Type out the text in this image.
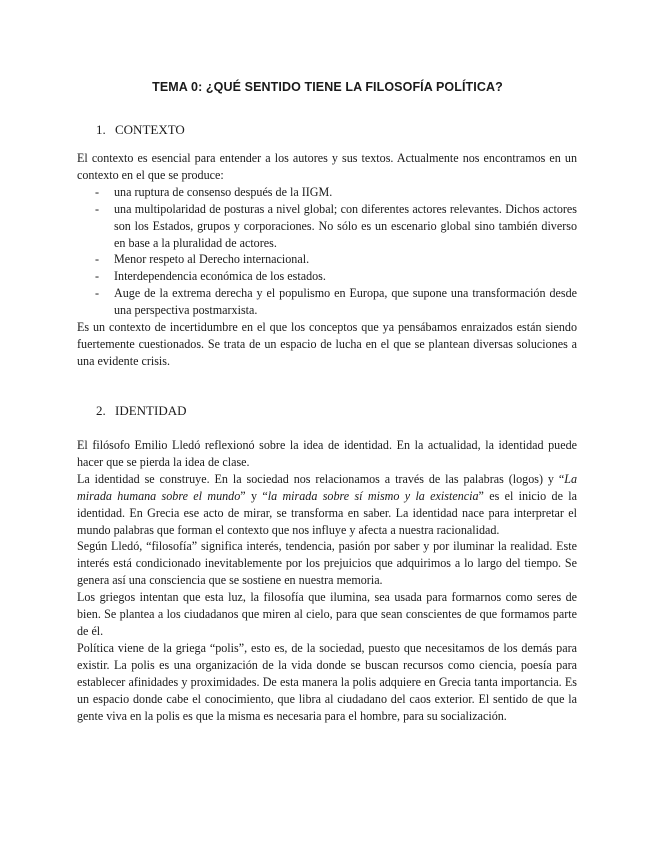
TEMA 0: ¿QUÉ SENTIDO TIENE LA FILOSOFÍA POLÍTICA?
1. CONTEXTO

El contexto es esencial para entender a los autores y sus textos. Actualmente nos encontramos en un contexto en el que se produce:

- una ruptura de consenso después de la IIGM.
- una multipolaridad de posturas a nivel global; con diferentes actores relevantes. Dichos actores son los Estados, grupos y corporaciones. No sólo es un escenario global sino también diverso en base a la pluralidad de actores.
- Menor respeto al Derecho internacional.
- Interdependencia económica de los estados.
- Auge de la extrema derecha y el populismo en Europa, que supone una transformación desde una perspectiva postmarxista.

Es un contexto de incertidumbre en el que los conceptos que ya pensábamos enraizados están siendo fuertemente cuestionados. Se trata de un espacio de lucha en el que se plantean diversas soluciones a una evidente crisis.

2. IDENTIDAD

El filósofo Emilio Lledó reflexionó sobre la idea de identidad. En la actualidad, la identidad puede hacer que se pierda la idea de clase.

La identidad se construye. En la sociedad nos relacionamos a través de las palabras (logos) y “La mirada humana sobre el mundo” y “la mirada sobre sí mismo y la existencia” es el inicio de la identidad. En Grecia ese acto de mirar, se transforma en saber. La identidad nace para interpretar el mundo palabras que forman el contexto que nos influye y afecta a nuestra racionalidad.

Según Lledó, “filosofía” significa interés, tendencia, pasión por saber y por iluminar la realidad. Este interés está condicionado inevitablemente por los prejuicios que adquirimos a lo largo del tiempo. Se genera así una consciencia que se sostiene en nuestra memoria.

Los griegos intentan que esta luz, la filosofía que ilumina, sea usada para formarnos como seres de bien. Se plantea a los ciudadanos que miren al cielo, para que sean conscientes de que formamos parte de él.

Política viene de la griega “polis”, esto es, de la sociedad, puesto que necesitamos de los demás para existir. La polis es una organización de la vida donde se buscan recursos como ciencia, poesía para establecer afinidades y proximidades. De esta manera la polis adquiere en Grecia tanta importancia. Es un espacio donde cabe el conocimiento, que libra al ciudadano del caos exterior. El sentido de que la gente viva en la polis es que la misma es necesaria para el hombre, para su socialización.
